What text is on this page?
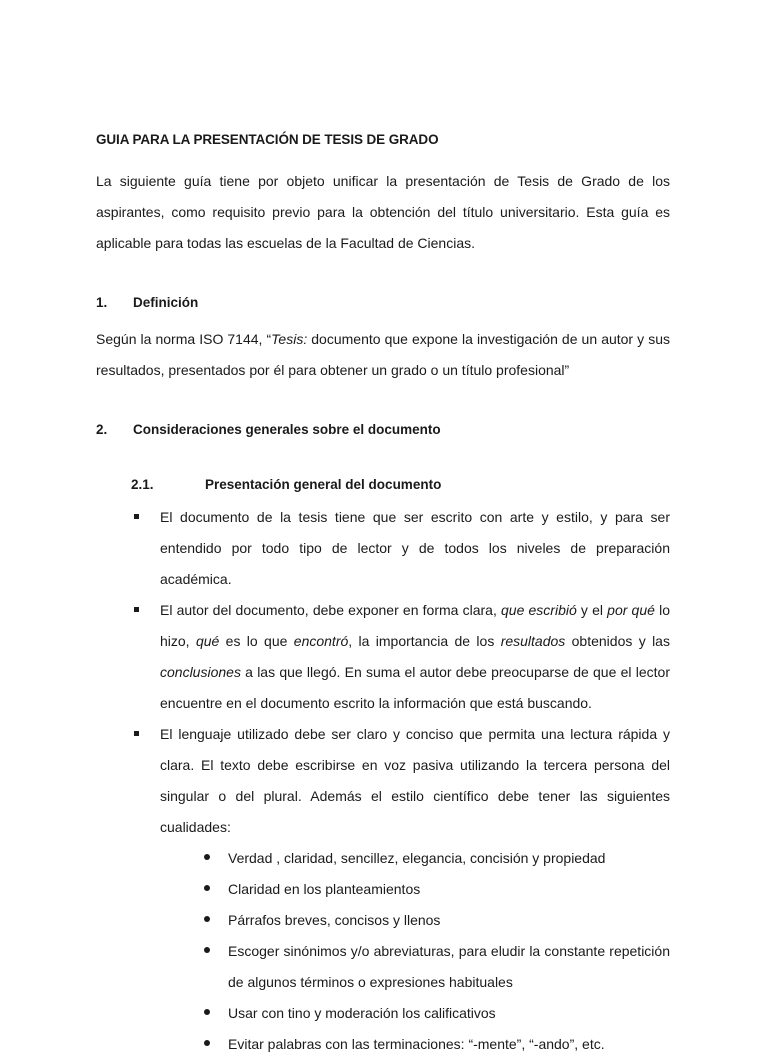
GUIA PARA LA PRESENTACIÓN DE TESIS DE GRADO

La siguiente guía tiene por objeto unificar la presentación de Tesis de Grado de los aspirantes, como requisito previo para la obtención del título universitario. Esta guía es aplicable para todas las escuelas de la Facultad de Ciencias.

1. Definición

Según la norma ISO 7144, “Tesis: documento que expone la investigación de un autor y sus resultados, presentados por él para obtener un grado o un título profesional”

2. Consideraciones generales sobre el documento
2.1.	Presentación general del documento
El documento de la tesis tiene que ser escrito con arte y estilo, y para ser entendido por todo tipo de lector y de todos los niveles de preparación académica.
El autor del documento, debe exponer en forma clara, que escribió y el por qué lo hizo, qué es lo que encontró, la importancia de los resultados obtenidos y las conclusiones a las que llegó. En suma el autor debe preocuparse de que el lector encuentre en el documento escrito la información que está buscando.
El lenguaje utilizado debe ser claro y conciso que permita una lectura rápida y clara. El texto debe escribirse en voz pasiva utilizando la tercera persona del singular o del plural. Además el estilo científico debe tener las siguientes cualidades:
Verdad , claridad, sencillez, elegancia, concisión y propiedad
Claridad en los planteamientos
Párrafos breves, concisos y llenos
Escoger sinónimos y/o abreviaturas, para eludir la constante repetición de algunos términos o expresiones habituales
Usar con tino y moderación los calificativos
Evitar palabras con las terminaciones: “-mente”, “-ando”, etc.
